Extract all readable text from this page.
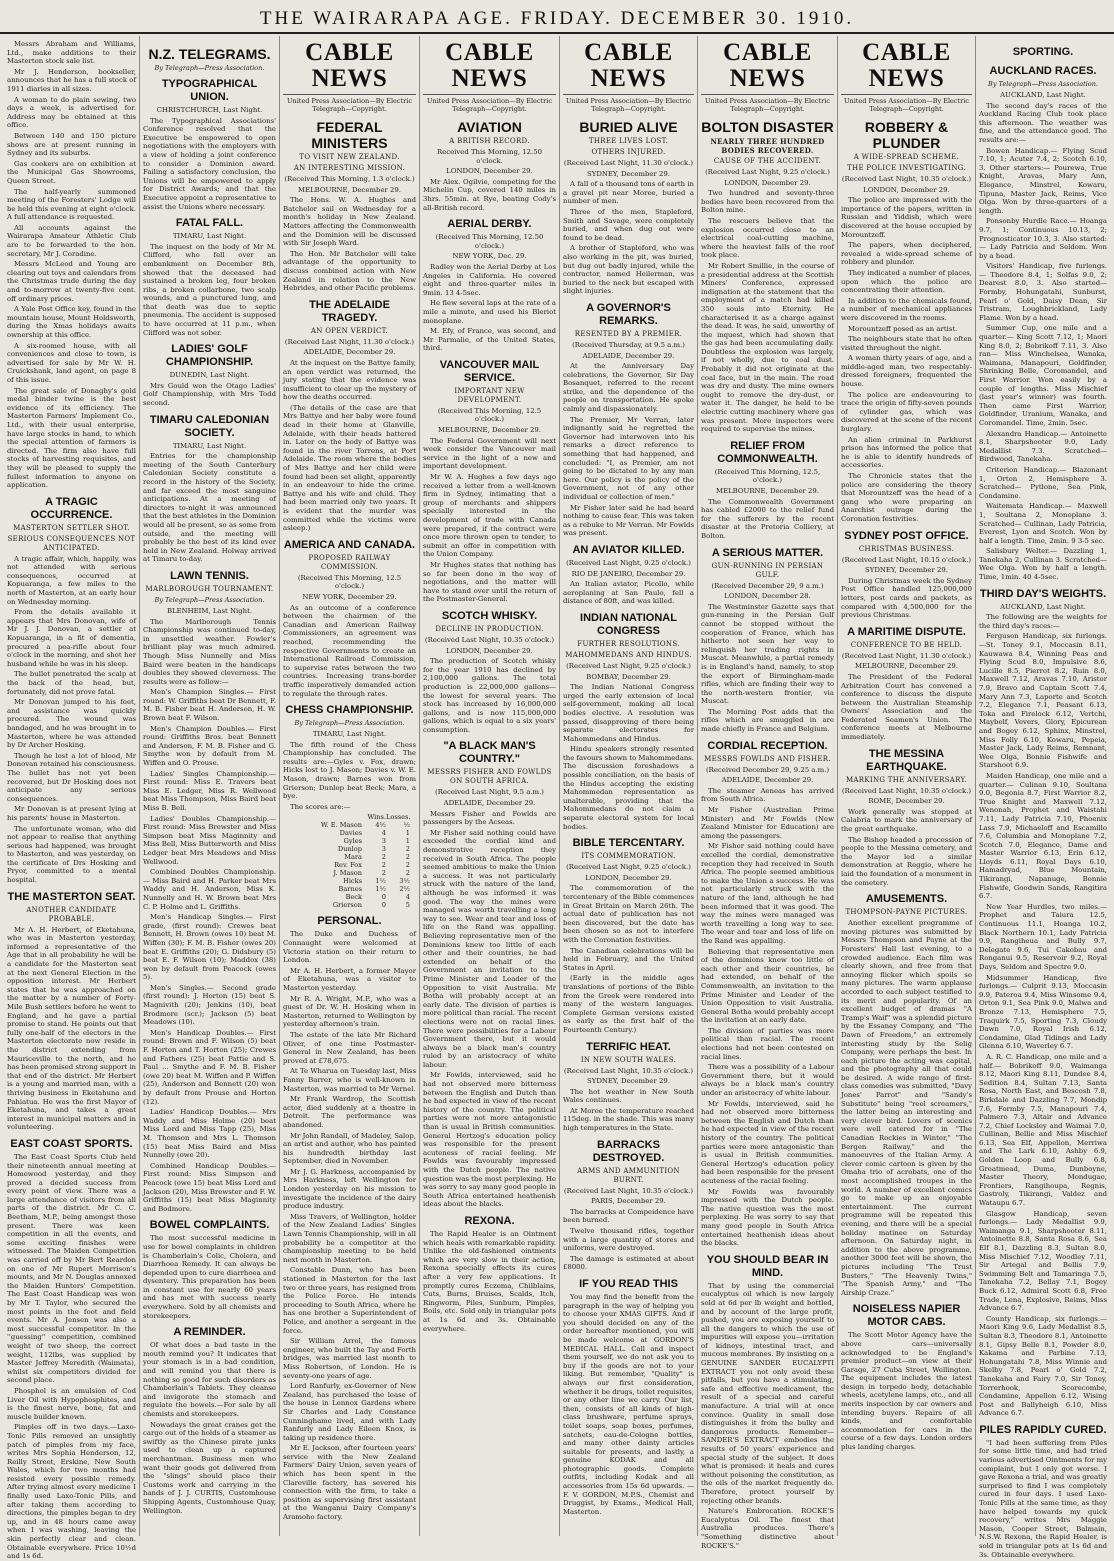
THE WAIRARAPA AGE. FRIDAY. DECEMBER 30. 1910.

Messrs Abraham and Williams, Ltd., make additions to their Masterton stock sale list.

Mr J. Henderson, bookseller, announces that he has a full stock of 1911 diaries in all sizes.

A woman to do plain sewing, two days a week, is advertised for. Address may be obtained at this office.

Between 140 and 150 picture shows are at present running in Sydney and its suburbs.

Gas cookers are on exhibition at the Municipal Gas Showrooms, Queen Street.

The half-yearly summoned meeting of the Foresters' Lodge will be held this evening at eight o'clock. A full attendance is requested.

All accounts against the Wairarapa Amateur Athletic Club are to be forwarded to the hon. secretary, Mr J. Coradine.

Messrs McLeod and Young are clearing out toys and calendars from the Christmas trade during the day and to-morrow at twenty-five cent. off ordinary prices.

A Yale Post Office key, found in the mountain house, Mount Holdsworth, during the Xmas holidays awaits ownership at this office.

A six-roomed house, with all conveniences and close to town, is advertised for sale by Mr W. H. Cruickshank, land agent, on page 8 of this issue.

The great sale of Donaghy's gold medal binder twine is the best evidence of its efficiency. The Masterton Farmers' Implement Co., Ltd., with their usual enterprise, have large stocks in hand, to which the special attention of farmers is directed. The firm also have full stocks of harvesting requisites, and they will be pleased to supply the fullest information to anyone on application.

A TRAGIC OCCURRENCE.
MASTERTON SETTLER SHOT.
SERIOUS CONSEQUENCES NOT ANTICIPATED.

A tragic affair, which, happily, was not attended with serious consequences, occurred at Kopuaranga, a few miles to the north of Masterton, at an early hour on Wednesday morning.

From the details available it appears that Mrs Donovan, wife of Mr J. J. Donovan, a settler at Kopuaranga, in a fit of dementia, procured a pea-rifle about four o'clock in the morning, and shot her husband while he was in his sleep.

The bullet penetrated the scalp at the back of the head, but, fortunately, did not prove fatal.

Mr Donovan jumped to his feet, and assistance was quickly procured. The wound was bandaged, and he was brought in to Masterton, where he was attended by Dr Archer Hosking.

Though he lost a lot of blood, Mr Donovan retained his consciousness. The bullet has not yet been recovered, but Dr Hosking does not anticipate any serious consequences.

Mr Donovan is at present lying at his parents' house in Masterton.

The unfortunate woman, who did not appear to realise that anything serious had happened, was brought to Masterton, and was yesterday, on the certificate of Drs Hosking and Pryor, committed to a mental hospital.

THE MASTERTON SEAT.
ANOTHER CANDIDATE PROBABLE.

Mr A. H. Herbert, of Eketahuna, who was in Masterton yesterday, informed a representative of the Age that in all probability he will be a candidate for the Masterton seat at the next General Election in the opposition interest. Mr Herbert states that he was approached on the matter by a number of Forty-Mile Bush settlers before he went to England, and he gave a partial promise to stand. He points out that fully one-half of the electors in the Masterton electorate now reside in the district extending from Mauriceville to the north, and he has been promised strong support in that end of the district. Mr Herbert is a young and married man, with a thriving business in Eketahuna and Pahiatua. He was the first Mayor of Eketahuna, and takes a great interest in municipal matters and in volunteering.

EAST COAST SPORTS.

The East Coast Sports Club held their nineteenth annual meeting at Homewood yesterday, and they proved a decided success from every point of view. There was a large attendance of visitors from all parts of the district. Mr C. C. Beetham, M.P., being amongst those present. There was keen competition in all the events, and some exciting finishes were witnessed. The Maiden Competition was carried off by Mr Bert Reardon on one of Mr Rupert Morrison's mounts, and Mr N. Douglas annexed the Maiden Hunters' Competition. The East Coast Handicap was won by Mr T. Taylor, who secured the most points in the foot and field events. Mr A. Jensen was also a most successful competitor. In the ''guessing'' competition, combined weight of two sheep, the correct weight, 112lbs, was supplied by Master Jeffrey Meredith (Waimata), whilst six competitors divided for second place.

Phosphol is an emulsion of Cod Liver Oil with Hypophosphites, and is the finest nerve, bone, fat and muscle builder known.

Pimples off in two days.—Laxo-Tonic Pills removed an unsightly patch of pimples from my face, writes Mrs Sophia Henderson, 12, Reilly Street, Erskine, New South Wales, which for two months had resisted every possible remedy. After trying almost every medicine I finally used Laxo-Tonic Pills, and after taking them according to directions, the pimples began to dry up, and in 48 hours came away when I was washing, leaving the skin perfectly clear and clean. Obtainable everywhere. Price 10½d and 1s 6d.

N.Z. TELEGRAMS.
By Telegraph—Press Association.
TYPOGRAPHICAL UNION.

CHRISTCHURCH, Last Night.

The Typographical Associations' Conference resolved that the Executive be empowered to open negotiations with the employers with a view of holding a joint conference to consider a Dominion award. Failing a satisfactory conclusion, the Unions will be empowered to apply for District Awards; and that the Executive appoint a representative to assist the Unions where necessary.

FATAL FALL.

TIMARU, Last Night.

The inquest on the body of Mr M. Clifford, who fell over an embankment on December 8th, showed that the deceased had sustained a broken leg, four broken ribs, a broken collarbone, two scalp wounds, and a punctured lung, and that death was due to septic pneumonia. The accident is supposed to have occurred at 11 p.m., when Clifford was not sober.

LADIES' GOLF CHAMPIONSHIP.

DUNEDIN, Last Night.

Mrs Gould won the Otago Ladies' Golf Championship, with Mrs Todd second.

TIMARU CALEDONIAN SOCIETY.

TIMARU, Last Night.

Entries for the championship meeting of the South Canterbury Caledonian Society constitute a record in the history of the Society, and far exceed the most sanguine anticipations. At a meeting of directors to-night it was announced that the best athletes in the Dominion would all be present, so as some from outside, and the meeting will probably be the best of its kind ever held in New Zealand. Holway arrived at Timaru to-day.

LAWN TENNIS.
MARLBOROUGH TOURNAMENT.
By Telegraph—Press Association.

BLENHEIM, Last Night.

The Marlborough Tennis Championship was continued to-day, in unsettled weather. Fowler's brilliant play was much admired. Though Miss Nunnelly and Miss Baird were beaten in the handicaps doubles they showed cleverness. The results were as follow:—

Men's Champion Singles.— First round: W. Griffiths beat Dr Bennett, F. M. B. Fisher beat H. Anderson, H. W. Brown beat F. Wilson.

Men's Champion Doubles.— First round: Griffiths Bros. beat Bennett and Anderson, F. M. B. Fisher and G. Smythe won by default from M. Wiffen and O. Prouse.

Ladies' Singles Championship.— First round: Miss E. Travers beat Miss E. Ledger, Miss R. Wellwood beat Miss Thompson, Miss Baird beat Miss B. Bell.

Ladies' Doubles Championship.— First round: Miss Brewster and Miss Simpson beat Miss Maginnity and Miss Bell, Miss Butterworth and Miss Ledger beat Mrs Meadows and Miss Wellwood.

Combined Doubles Championship.— Miss Baird and H. Parker beat Mrs Waddy and H. Anderson, Miss K. Nunnelly and H. W. Brown beat Mrs C. P. Holme and L. Griffiths.

Men's Handicap Singles.— First grade, (first round): Crewes beat Bennett, H. Brown (owes 10) beat M. Wiffen (30); F. M. B. Fisher (owes 20) beat E. Griffiths (20); G. Didsbury (5) beat E. F. Wilson (10); Maddox (38) won by default from Peacock (owes 5).

Men's Singles.— Second grade (first round): J. Horton (15) beat S. Magnivith (20); Jenkins (10), beat Brodmore (scr.); Jackson (5) beat Meadows (10).

Men's Handicap Doubles.— First round: Brown and F. Wilson (5) beat F. Horton and T. Horton (25); Crewes and Fathers (25) beat Pattie and S. Paul ... Smythe and F. M. B. Fisher (owe 20) beat M. Wiffen and P. Wiffen (25), Anderson and Bennett (20) won by default from Prouse and Horton (12).

Ladies' Handicap Doubles.— Mrs Waddy and Miss Holme (20) beat Miss Lord and Miss Tapp (25), Miss M. Thomson and Mrs L. Thomson (15) beat Miss Baird and Miss Nunnelly (owe 20).

Combined Handicap Doubles.— First round: Miss Simpson and Peacock (owe 15) beat Miss Lord and Jackson (20), Miss Brewster and F. W. Griffiths (15) beat Miss Maginnity and Bodmore.

BOWEL COMPLAINTS.

The most successful medicine in use for bowel complaints in children is Chamberlain's Colic, Cholera, and Diarrhoea Remedy. It can always be depended upon to cure diarrhoea and dysentery. This preparation has been in constant use for nearly 60 years and has met with success nearly everywhere. Sold by all chemists and storekeepers.

A REMINDER.

Of what does a bad taste in the mouth remind you? It indicates that your stomach is in a bad condition, and will remind you that there is nothing so good for such disorders as Chamberlain's Tablets. They cleanse and invigorate the stomach and regulate the bowels.—For sale by all chemists and storekeepers.

Nowadays the great cranes get the cargo out of the holds of a steamer as swiftly as the Chinese pirate junks used to clean up a captured merchantman. Business men who want their goods got delivered from the "slings" should place their Customs work and carrying in the hands of J. J. CURTIS, Customhouse Shipping Agents, Customhouse Quay, Wellington.

CABLE NEWS
United Press Association—By Electric Telegraph—Copyright.
FEDERAL MINISTERS
TO VISIT NEW ZEALAND.
AN INTERESTING MISSION.

(Received This Morning, 1.3 o'clock.)

MELBOURNE, December 29.

The Hons. W. A. Hughes and Batchelor sail on Wednesday for a month's holiday in New Zealand. Matters affecting the Commonwealth and the Dominion will be discussed with Sir Joseph Ward.

The Hon. Mr Batchelor will take advantage of the opportunity to discuss combined action with New Zealand in relation to the New Hebrides, and other Pacific problems.

THE ADELAIDE TRAGEDY.
AN OPEN VERDICT.

(Received Last Night, 11.30 o'clock.)

ADELAIDE, December 29.

At the inquest on the Battye family, an open verdict was returned, the jury stating that the evidence was insufficient to clear up the mystery of how the deaths occurred.

(The details of the case are that Mrs Battye and her baby were found dead in their home at Glanville, Adelaide, with their heads battered in. Later on the body of Battye was found in the river Torrens, at Port Adelaide. The room where the bodies of Mrs Battye and her child were found had been set alight, apparently in an endeavour to hide the crime. Battye and his wife and child. They had been married only two years. It is evident that the murder was committed while the victims were asleep.)

AMERICA AND CANADA.
PROPOSED RAILWAY COMMISSION.

(Received This Morning, 12.5 o'clock.)

NEW YORK, December 29.

As an outcome of a conference between the chairmen of the Canadian and American Railway Commissioners, an agreement was reached, recommending the respective Governments to create an International Railroad Commission, to supervise rates between the two countries. Increasing trans-border traffic imperatively demanded action to regulate the through rates.

CHESS CHAMPIONSHIP.
By Telegraph—Press Association.

TIMARU, Last Night.

The fifth round of the Chess Championship has concluded. The results are:—Gyles v. Fox, drawn; Hicks lost to J. Mason; Davies v. W. E. Mason, drawn; Barnes won from Grierson; Dunlop beat Beck; Mara, a bye.

The scores are:—

Wins. Losses.
W. E. Mason	4½	½
Davies	4	1
Gyles	3	1
Dunlop	3	2
Mara	2	2
Rev. Fox	2	2
J. Mason	2	2
Hicks	1½	3½
Barnes	1½	2½
Beck	0	4
Grierson	0	5
PERSONAL.

The Duke and Duchess of Connaught were welcomed at Victoria station on their return to London.

Mr A. H. Herbert, a former Mayor of Eketahuna, was a visitor to Masterton yesterday.

Mr R. A. Wright, M.P., who was a guest of Dr. W. H. Hosking when in Masterton, returned to Wellington by yesterday afternoon's train.

The estate of the late Mr Richard Oliver, of one time Postmaster-General in New Zealand, has been proved at £78,675.

At Te Wharua on Tuesday last, Miss Fanny Barrer, who is well-known in Masterton, was married to Mr Vernel.

Mr Frank Wardrop, the Scottish actor, died suddenly at a theatre in Detroit. The performance was abandoned.

Mr John Randall, of Madeley, Salop, an artist and author, who has painted his hundredth birthday last September, died in November.

Mr J. G. Harkness, accompanied by Mrs Harkness, left Wellington for London yesterday on his mission to investigate the incidence of the dairy produce industry.

Miss Travers, of Wellington, holder of the New Zealand Ladies' Singles Lawn Tennis Championship, will in all probability be a competitor at the championship meeting to be held next month in Masterton.

Constable Dunn, who has been stationed in Masterton for the last two or three years, has resigned from the Police Force. He intends proceeding to South Africa, where he has one brother a Superintendent of Police, and another a sergeant in the force.

Sir William Arrol, the famous engineer, who built the Tay and Forth bridges, was married last month to Miss Robertson, of London. He is seventy-one years of age.

Lord Ranfurly, ex-Governor of New Zealand, has purchased the lease of the house in Lennox Gardens where Sir Charles and Lady Constance Cunninghame lived, and with Lady Ranfurly and Lady Eileen Knox, is taking up residence there.

Mr E. Jackson, after fourteen years' service with the New Zealand Farmers' Dairy Union, seven years of which has been spent in the Clareville factory, has severed his connection with the firm, to take a position as supervising first assistant at the Wanganui Dairy Company's Aramoho factory.

CABLE NEWS
United Press Association—By Electric Telegraph—Copyright.
AVIATION
A BRITISH RECORD.

Received This Morning, 12.50 o'clock.

LONDON, December 29.

Mr Alex. Ogilvie, competing for the Michelin Cup, covered 140 miles in 3hrs. 55min. at Rye, beating Cody's all-British record.

AERIAL DERBY.

(Received This Morning, 12.50 o'clock.)

NEW YORK, Dec. 29.

Radley won the Aerial Derby at Los Angeles in California. He covered eight and three-quarter miles in 9min. 13 4-5sec.

He flew several laps at the rate of a mile a minute, and used his Bleriot monoplane.

M. Efy, of France, was second, and Mr Parmalie, of the United States, third.

VANCOUVER MAIL SERVICE.
IMPORTANT NEW DEVELOPMENT.

(Received This Morning, 12.5 o'clock.)

MELBOURNE, December 29.

The Federal Government will next week consider the Vancouver mail service in the light of a new and important development.

Mr W. A. Hughes a few days ago received a letter from a well-known firm in Sydney, intimating that a group of merchants and shippers specially interested in the development of trade with Canada were prepared, if the contract were once more thrown open to tender, to submit an offer in competition with the Union Company.

Mr Hughes states that nothing has so far been done in the way of negotiations, and the matter will have to stand over until the return of the Postmaster-General.

SCOTCH WHISKY.
DECLINE IN PRODUCTION.

(Received Last Night, 10.35 o'clock.)

LONDON, December 29.

The production of Scotch whisky for the year 1910 has declined by 2,100,000 gallons. The total production is 22,000,000 gallons—the lowest for several years. The stock has increased by 16,000,000 gallons, and is now 115,000,000 gallons, which is equal to a six years' consumption.

"A BLACK MAN'S COUNTRY."
MESSRS FISHER AND FOWLDS ON SOUTH AFRICA.

(Received Last Night, 9.5 a.m.)

ADELAIDE, December 29.

Messrs Fisher and Fowlds are passengers by the Acseas.

Mr Fisher said nothing could have exceeded the cordial kind and demonstrative reception they received in South Africa. The people seemed ambitious to make the Union a success. It was not particularly struck with the nature of the land, although he was informed it was good. The way the mines were managed was worth travelling a long way to see. Wear and tear and loss of life on the Rand was appalling. Believing representative men of the Dominions knew too little of each other and their countries, he had extended on behalf of the Government an invitation to the Prime Minister and Leader of the Opposition to visit Australia. Mr Botha will probably accept at an early date. The division of parties is more political than racial. The recent elections were not on racial lines. There were possibilities for a Labour Government there, but it would always be a black man's country ruled by an aristocracy of white labour.

Mr Fowlds, interviewed, said he had not observed more bitterness between the English and Dutch than he had expected in view of the recent history of the country. The political parties were not more antagonistic than is usual in British communities. General Hertzog's education policy was responsible for the present acuteness of racial feeling. Mr Fowlds was favourably impressed with the Dutch people. The native question was the most perplexing. He was sorry to say many good people in South Africa entertained heathenish ideas about the blacks.

REXONA.

The Rapid Healer is an Ointment which heals with remarkable rapidity. Unlike the old-fashioned ointments which are very slow in their action, Rexona specially effects its cures after a very few applications. It promptly cures Eczema, Chilblains, Cuts, Burns, Bruises, Scalds, Itch, Ringworm, Piles, Sunburn, Pimples, Boils, etc. Sold only in triangular pots at 1s 6d and 3s. Obtainable everywhere.

CABLE NEWS
United Press Association—By Electric Telegraph—Copyright.
BURIED ALIVE
THREE LIVES LOST.
OTHERS INJURED.

(Received Last Night, 11.30 o'clock.)

SYDNEY, December 29.

A fall of a thousand tons of earth in a gravel pit near Moree, buried a number of men.

Three of the men, Stapleford, Smith and Savage, were completely buried, and when dug out were found to be dead.

A brother of Stapleford, who was also working in the pit, was buried, but dug out badly injured, while the contractor, named Heilerman, was buried to the neck but escaped with slight injuries.

A GOVERNOR'S REMARKS.
RESENTED BY A PREMIER.

(Received Thursday, at 9.5 a.m.)

ADELAIDE, December 29.

At the Anniversary Day celebrations, the Governor, Sir Day Bosanquet, referred to the recent strike, and the dependence of the people on transportation. He spoke calmly and dispassionately.

The Premier, Mr Verran, later indignantly said he regretted the Governor had interwoven into his remarks a direct reference to something that had happened, and concluded: "I, as Premier, am not going to be dictated to by any man here. Our policy is the policy of the Government, not of any other individual or collection of men."

Mr Fisher later said he had heard nothing to cause fear. This was taken as a rebuke to Mr Verran. Mr Fowlds was present.

AN AVIATOR KILLED.

(Received Last Night, 9.25 o'clock.)

RIO DE JANEIRO, December 29.

An Italian aviator, Picollo, while aeroplaning at San Paulo, fell a distance of 80ft, and was killed.

INDIAN NATIONAL CONGRESS
FURTHER RESOLUTIONS.
MAHOMMEDANS AND HINDUS.

(Received Last Night, 9.25 o'clock.)

BOMBAY, December 29.

The Indian National Congress urged the early extension of local self-government, making all local bodies elective. A resolution was passed, disapproving of there being separate electorates for Mahommedans and Hindus.

Hindu speakers strongly resented the favours shown to Mahommedans. The discussion foreshadows a possible conciliation, on the basis of the Hindus accepting the existing Mahommedan representation as unalterable, providing that the Mahommedans do not claim a separate electoral system for local bodies.

BIBLE TERCENTARY.
ITS COMMEMORATION.

(Received Last Night, 9.25 o'clock.)

LONDON, December 29.

The commemoration of the tercentenary of the Bible commences in Great Britain on March 26th. The actual date of publication has not been discovered, but the date has been chosen so as not to interfere with the Coronation festivities.

The Canadian celebrations will be held in February, and the United States in April.

(Early in the middle ages translations of portions of the Bible from the Greek were rendered into many of the western languages. Complete German versions existed as early as the first half of the Fourteenth Century.)

TERRIFIC HEAT.
IN NEW SOUTH WALES.

(Received Last Night, 10.35 o'clock.)

SYDNEY, December 29.

The hot weather in New South Wales continues.

At Moree the temperature reached 115deg. in the shade. This was many high temperatures in the State.

BARRACKS DESTROYED.
ARMS AND AMMUNITION BURNT.

(Received Last Night, 10.35 o'clock.)

PARIS, December 29.

The barracks at Compeidence have been burned.

Twelve thousand rifles, together with a large quantity of stores and uniforms, were destroyed.

The damage is estimated at about £8000.

IF YOU READ THIS

You may find the benefit from the paragraph in the way of helping you to choose your XMAS GIFTS. And if you should decided on any of the order hereafter mentioned, you will be made welcome at GORDON'S MEDICAL HALL. Call and inspect them yourself, we do not ask you to buy if the goods are not to your liking. But remember, "Quality" is always our first consideration, whether it be drugs, toilet requisites, or any other line we carry. Our list, then, consists of all kinds of high-class brushware, perfume sprays, toilet soaps, soap boxes, perfumes, satchets, eau-de-Cologne bottles, and many other dainty articles suitable for presents, and lastly, a genuine KODAK and all photographic goods. Complete outfits, including Kodak and all accessories from 15s 6d upwards. — F. V. GORDON, M.P.S., Chemist and Druggist, by Exams., Medical Hall, Masterton.

CABLE NEWS
United Press Association—By Electric Telegraph—Copyright.
BOLTON DISASTER
NEARLY THREE HUNDRED BODIES RECOVERED.
CAUSE OF THE ACCIDENT.

(Received Last Night, 9.25 o'clock.)

LONDON, December 29.

Two hundred and seventy-three bodies have been recovered from the Bolton mine.

The rescuers believe that the explosion occurred close to an electrical coal-cutting machine, where the heaviest falls of the roof took place.

Mr Robert Smillie, in the course of a presidential address at the Scottish Miners' Conference, expressed indignation at the statement that the employment of a match had killed 350 souls into Eternity. He characterised it as a charge against the dead. It was, he said, unworthy of the inquest, which had shown that the gas had been accumulating daily. Doubtless the explosion was largely, if not wholly, due to coal dust. Probably it did not originate at the coal face, but in the main. The road was dry and dusty. The mine owners ought to remove the dry-dust, or water it. The danger, he held to be electric cutting machinery where gas was present. More inspectors were required to supervise the mines.

RELIEF FROM COMMONWEALTH.

(Received This Morning, 12.5, o'clock.)

MELBOURNE, December 29.

The Commonwealth Government has cabled £2000 to the relief fund for the sufferers by the recent disaster at the Pretoria Colliery, at Bolton.

A SERIOUS MATTER.
GUN-RUNNING IN PERSIAN GULF.

(Received December 29, 9 a.m.)

LONDON, December 28.

The Westminster Gazette says that gun-running in the Persian Gulf cannot be stopped without the cooperation of France, which has hitherto not seen her way to relinquish her trading rights in Muscat. Meanwhile, a partial remedy is in England's hand, namely, to stop the export of Birmingham-made rifles, which are finding their way to the north-western frontier, via Muscat.

The Morning Post adds that the rifles which are smuggled in are made chiefly in France and Belgium.

CORDIAL RECEPTION.
MESSRS FOWLDS AND FISHER.

(Received December 29, 9.25 a.m.)

ADELAIDE, December 29.

The steamer Aeneas has arrived from South Africa.

Mr Fisher (Australian Prime Minister) and Mr Fowlds (New Zealand Minister for Education) are among the passengers.

Mr Fisher said nothing could have excelled the cordial, demonstrative reception they had received in South Africa. The people seemed ambitious to make the Union a success. He was not particularly struck with the nature of the land, although he had been informed that it was good. The way the mines were managed was worth travelling a long way to see. The wear and tear and loss of life on the Rand was appalling.

Believing that representative men of the dominions knew too little of each other and their countries, he had extended, on behalf of the Commonwealth, an invitation to the Prime Minister and Leader of the Union Opposition to visit Australia. General Botha would probably accept the invitation at an early date.

The division of parties was more political than racial. The recent elections had not been contested on racial lines.

There was a possibility of a Labour Government there, but it would always be a black man's country under an aristocracy of white labour.

Mr Fowlds, interviewed, said he had not observed more bitterness between the English and Dutch than he had expected in view of the recent history of the country. The political parties were more antagonistic than is usual in British communities. General Hertzog's education policy had been responsible for the present acuteness of the racial feeling.

Mr Fowlds was favourably impressed with the Dutch people. The native question was the most perplexing. He was sorry to say that many good people in South Africa entertained heathenish ideas about the blacks.

YOU SHOULD BEAR IN MIND.

That by using the commercial eucalyptus oil which is now largely sold at 6d per lb weight and bottled, and by account of the large profit, pushed, you are exposing yourself to all the dangers to which the use of impurities will expose you—irritation of kidneys, intestinal tract, and mucous membranes. By insisting on a GENUINE SANDER EUCALYPTI EXTRACT you not only avoid these pitfalls, but you have a stimulating, safe and effective medicament, the result of a special and careful manufacture. A trial will at once convince. Quality in small dose distinguishes it from the bulky and dangerous products. Remember—SANDER'S EXTRACT embodies the results of 50 years' experience and special study of the subject. It does what is promised: it heals and cures without poisoning the constitution, as the oils of the market frequently do. Therefore, protect yourself by rejecting other brands.

Nature's Embrocation. ROCKE'S Eucalyptus Oil. The finest that Australia produces. There's "Something distinctive about ROCKE'S."

CABLE NEWS
United Press Association—By Electric Telegraph—Copyright.
ROBBERY & PLUNDER
A WIDE-SPREAD SCHEME.
THE POLICE INVESTIGATING.

(Received Last Night, 10.35 o'clock.)

LONDON, December 29.

The police are impressed with the importance of the papers, written in Russian and Yiddish, which were discovered at the house occupied by Morountzeff.

The papers, when deciphered, revealed a wide-spread scheme of robbery and plunder.

They indicated a number of places, upon which the police are concentrating their attention.

In addition to the chemicals found, a number of mechanical appliances were discovered in the rooms.

Morountzeff posed as an artist.

The neighbours state that he often visited throughout the night.

A woman thirty years of age, and a middle-aged man, two respectably-dressed foreigners, frequented the house.

The police are endeavouring to trace the origin of fifty-seven pounds of cylinder gas, which was discovered at the scene of the recent burglary.

An alien criminal in Parkhurst prison has informed the police that he is able to identify hundreds of accessories.

The Chronicle states that the police are considering the theory that Morountzeff was the head of a gang who were preparing an Anarchist outrage during the Coronation festivities.

SYDNEY POST OFFICE.
CHRISTMAS BUSINESS.

(Received Last Night, 10.15 o'clock.)

SYDNEY, December 29.

During Christmas week the Sydney Post Office handled 125,000,000 letters, post cards and packets, as compared with 4,500,000 for the previous Christmas.

A MARITIME DISPUTE.
CONFERENCE TO BE HELD.

(Received Last Night, 11.30 o'clock.)

MELBOURNE, December 29.

The President of the Federal Arbitration Court has convened a conference to discuss the dispute between the Australian Steamship Owners' Association and the Federated Seamen's Union. The conference meets at Melbourne immediately.

THE MESSINA EARTHQUAKE.
MARKING THE ANNIVERSARY.

(Received Last Night, 10.35 o'clock.)

ROME, December 29.

Work generally was stopped at Calabria to mark the anniversary of the great earthquake.

The Bishop headed a procession of people to the Messina cemetery, and the Mayor led a similar demonstration at Reggio, where he laid the foundation of a monument in the cemetery.

AMUSEMENTS.
THOMPSON-PAYNE PICTURES.

Another excellent programme of moving pictures was submitted by Messrs Thompson and Payne at the Foresters' Hall last evening, to a crowded audience. Each film was clearly shown, and free from that annoying flicker which spoils so many pictures. The warm applause accorded to each subject testified to its merit and popularity. Of an excellent budget of dramas "A Tramp's Waif" was a splendid picture by the Essanay Company, and "The Dawn of Freedom," an extremely interesting study by the Selig Company, were perhaps the best. In each picture the acting was capital, and the photography all that could be desired. A wide range of first-class comedies was submitted, "Davy Jones' Parrot" and "Sandy's Substitute" being "reel screamers," the latter being an interesting and very clever bird. Lovers of scenics were well catered for in "The Canadian Rockies in Winter," "The Bergen Railway," and the manoeuvres of the Italian Army. A clever comic cartoon is given by the Omaha trio of acrobats, one of the most accomplished troupes in the world. A number of excellent comics go to make up an enjoyable entertainment. The current programme will be repeated this evening, and there will be a special holiday matinee on Saturday afternoon. On Saturday night, in addition to the above programme, another 3000 feet will be shown, the pictures including "The Trust Busters," "The Heavenly Twins," "The Spanish Army," and "The Airship Craze."

NOISELESS NAPIER MOTOR CABS.

The Scott Motor Agency have the above cars—universally acknowledged to be England's premier product—on view at their Garage, 27 Cuba Street, Wellington. The equipment includes the latest design in torpedo body, detachable wheels, acetylene lamps, etc., and all merits inspection by car owners and intending buyers. Repairs of all kinds, and comfortable accommodation for cars in the course of a few days. London orders plus landing charges.

SPORTING.
AUCKLAND RACES.
By Telegraph—Press Association.

AUCKLAND, Last Night.

The second day's races of the Auckland Racing Club took place this afternoon. The weather was fine, and the attendance good. The results are:—

Bowen Handicap.— Flying Scud 7.10, 1; Acuter 7.4, 2; Scotch 6.10, 3. Other starters:— Pourewa, True Knight, Aravas, Mary Ann, Elegance, Minstrel, Kowaru, Tipuna, Master Jack, Reims, Vice Olga. Won by three-quarters of a length.

Ponsonby Hurdle Race.— Hoanga 9.7, 1; Continuous 10.13, 2; Prognosticator 10.3, 3. Also started:— Lady Patricia and Seldom. Won by a head.

Visitors' Handicap, five furlongs.— Theodore 8.4, 1; Solfas 9.0, 2; Dearest 8.0, 3. Also started— Formby, Hohungatahi, Sunburst, Pearl o' Gold, Daisy Dean, Sir Tristram, Loughbrickland, Lady Flame. Won by a head.

Summer Cup, one mile and a quarter.— King Scott 7.12, 1; Maori King 8.0, 2; Bobrikoff 7.11, 3. Also ran— Miss Winchelsea, Wanaka, Waimana, Manapouri, Goldfinder, Shrinking Belle, Coromandel, and First Warrior. Won easily by a couple of lengths. Miss Mischief (last year's winner) was fourth. Then came First Warrior, Goldfinder, Uranium, Wanaka, and Coromandel. Time, 2min. 5sec.

Alexandra Handicap.— Antoinette 8.1, Sharpshooter 9.0, Lady Medallist 7.3. Scratched— Birdwood, Tanekaha.

Criterion Handicap.— Blazonant 1, Orton 2, Hemisphere 3. Scratched— Pytlone, Sea Pink, Condamine.

Waitemata Handicap.— Maxwell 1, Soultana 2, Monoplane 3. Scratched— Cullinan, Lady Patricia, Everest, Lyon and Scotch. Won by half a length. Time, 2min. 9 3-5 sec.

Salisbury Welter.— Dazzling 1, Tanekaha 2, Cullinan 3. Scratched— Wee Olga. Won by half a length. Time, 1min. 40 4-5sec.

THIRD DAY'S WEIGHTS.

AUCKLAND, Last Night.

The following are the weights for the third day's races:—

Ferguson Handicap, six furlongs.—St. Toney 9.1, Moccasin 8.11, Kauwawa 8.4, Winning Peas and Flying Scud 8.0, Impulsive 8.6, Lucille 8.5, Pierrot 8.2, Ruin 8.0, Maxwell 7.12, Aravas 7.10, Aristor 7.9, Bravo and Captain Scott 7.4, Mary Ann 7.3, Laporte and Scotch 7.2, Elegance 7.1, Peasant 6.13, Toka and Firelock 6.12, Vertchi, Maybelf, Vevers, Glory, Epicurean and Bogey 6.12, Sphinx, Minstrel, Miss Folly 6.10, Kowaru, Pepeia, Master Jack, Lady Reims, Remnant, Wee Olga, Bonnie Fishwife and Starshoot 6.9.

Maiden Handicap, one mile and a quarter.— Culinan 9.10, Soultana 9.0, Begonia 8.7, First Warrior 8.2, True Knight and Maxwell 7.12, Wenonah, Prophet and Waistahi 7.11, Lady Patricia 7.10, Phoenix Lass 7.9, Michaeloff and Escamillo 7.6, Columbia and Monoplane 7.2, Scotch 7.0, Elegance, Dame and Master Warrior 6.13, Erin 6.12, Lloyds 6.11, Royal Days 6.10, Hamadryad, Blue Mountain, Tikirangi, Napanuge, Bonnie Fishwife, Goodwin Sands, Rangitira 6.7.

New Year Hurdles, two miles.— Prophet and Taiura 12.5, Continuous 11.1, Hoanga 10.2, Black Northern 10.1, Lady Patricia 9.9, Rangiheua and Bully 9.7, Delegate 9.6, Tui Cakobau and Ronganui 9.5, Reservoir 9.2, Royal Days, Seldom and Spectre 9.0.

Midsummer Handicap, five furlongs.— Culprit 9.13, Moccasin 9.9, Pateroa 9.4, Miss Winsome 9.4, Orton 9.1, Sea Pink 9.0, Malwa and Bronze 7.13, Hemisphere 7.5, Traquirk 7.5, Sporting 7.3, Cloudy Dawn 7.0, Royal Irish 6.12, Condamine, Glad Tidings and Lady Glenna 6.10, Waverley 6.7.

A. R. C. Handicap, one mile and a half.— Bobrikoff 9.0, Waimanga 8.12, Maori King 8.11, Dundee 8.4, Sedition 8.4, Sultan 7.13, Santa Rosa, North East, and Bescosh 7.8, Birkdale and Dazzling 7.7, Mondip 7.6, Formby 7.5, Manapouri 7.4, Palmero 7.3, Altair and Advance 7.2, Chief Locksley and Waimai 7.0, Cullinan, Bellie and Miss Mischief 6.13, Sea Elf, Appellon, Merriwa and The Lark 6.10, Ashby 6.9, Golden Loop and Bully 6.8, Greatmead, Duma, Dunboyne, Master Theory, Mondugao, Frontiers, Rangihoupa, Regnis, Gastroly, Tikirangi, Valdez and Wataupu 6.7.

Glasgow Handicap, seven furlongs.— Lady Medallist 9.9, Waimanga 9.1, Sharpshooter 8.11, Antoinette 8.8, Santa Rosa 8.6, Sea Elf 8.1, Dazzling 8.3, Sultan 8.0, Miss Mischief 7.12, Woodley 7.11, Sir Artegal and Bellis 7.9, Swimming Belt and Tamaringa 7.5, Tanekaha 7.2, Bellay 7.1, Bogey Buck 6.12, Admiral Scott 6.8, Free Trade, Lena, Explosive, Reims, Miss Advance 6.7.

County Handicap, six furlongs.— Maori King 9.6, Lady Medallist 8.5, Sultan 8.3, Theodore 8.1, Antoinette 8.1, Gipsy Belle 8.1, Powder 8.0, Kakama and Parbine 7.13, Hohungatahi 7.8, Miss Winnie and Skelby 7.8, Pearl o' Gold 7.2, Tanekaha and Fairy 7.0, Sir Toney, Torrerhook, Scorecombe, Condamine, Appellon 6.12, Wising Post and Ballyheigh 6.10, Miss Advance 6.7.

PILES RAPIDLY CURED.

"I had been suffering from Piles for some little time, and had tried various advertised Ointments for my complaint, but I only got worse. I gave Rexona a trial, and was greatly surprised to find I was completely cured in four days. I used Laxo-Tonic Pills at the same time, as they have helped towards my quick recovery," writes Mrs Maggie Mason, Cooper Street, Balmain, N.S.W. Rexona, the Rapid Healer, is sold in triangular pots at 1s 6d and 3s. Obtainable everywhere.
